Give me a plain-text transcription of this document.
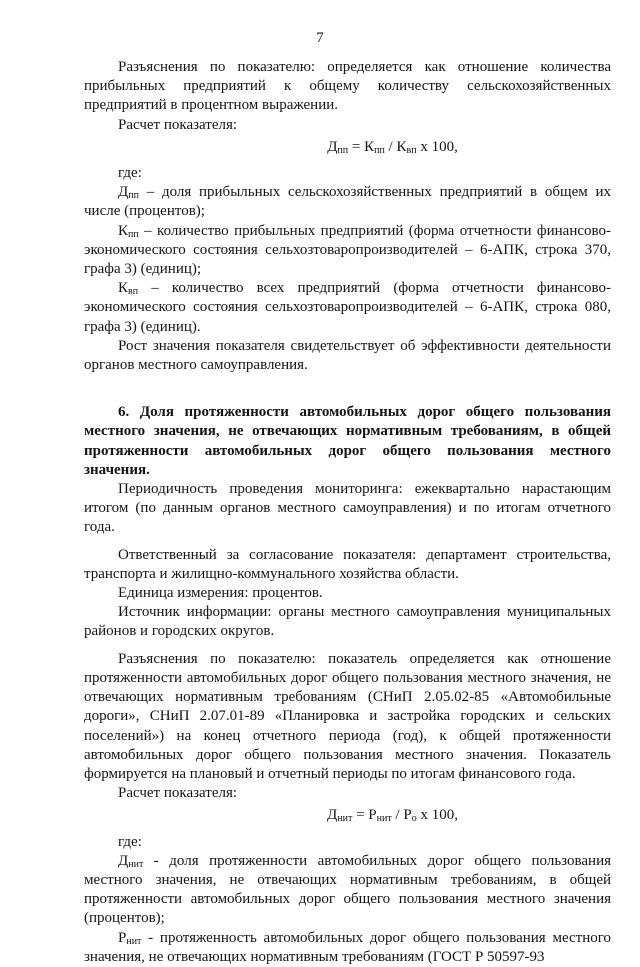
7

Разъяснения по показателю: определяется как отношение количества прибыльных предприятий к общему количеству сельскохозяйственных предприятий в процентном выражении.

Расчет показателя:

$Д_{пп} = К_{пп} / К_{вп}$ x 100,

где:

$Д_{пп}$ – доля прибыльных сельскохозяйственных предприятий в общем их числе (процентов);

$К_{пп}$ – количество прибыльных предприятий (форма отчетности финансово-экономического состояния сельхозтоваропроизводителей – 6-АПК, строка 370, графа 3) (единиц);

$К_{вп}$ – количество всех предприятий (форма отчетности финансово-экономического состояния сельхозтоваропроизводителей – 6-АПК, строка 080, графа 3) (единиц).

Рост значения показателя свидетельствует об эффективности деятельности органов местного самоуправления.

6. Доля протяженности автомобильных дорог общего пользования местного значения, не отвечающих нормативным требованиям, в общей протяженности автомобильных дорог общего пользования местного значения.

Периодичность проведения мониторинга: ежеквартально нарастающим итогом (по данным органов местного самоуправления) и по итогам отчетного года.

Ответственный за согласование показателя: департамент строительства, транспорта и жилищно-коммунального хозяйства области.

Единица измерения: процентов.

Источник информации: органы местного самоуправления муниципальных районов и городских округов.

Разъяснения по показателю: показатель определяется как отношение протяженности автомобильных дорог общего пользования местного значения, не отвечающих нормативным требованиям (СНиП 2.05.02-85 «Автомобильные дороги», СНиП 2.07.01-89 «Планировка и застройка городских и сельских поселений») на конец отчетного периода (год), к общей протяженности автомобильных дорог общего пользования местного значения. Показатель формируется на плановый и отчетный периоды по итогам финансового года.

Расчет показателя:

$Д_{нит} = Р_{нит} / Р_о$ x 100,

где:

$Д_{нит}$ - доля протяженности автомобильных дорог общего пользования местного значения, не отвечающих нормативным требованиям, в общей протяженности автомобильных дорог общего пользования местного значения (процентов);

$Р_{нит}$ - протяженность автомобильных дорог общего пользования местного значения, не отвечающих нормативным требованиям (ГОСТ Р 50597-93
